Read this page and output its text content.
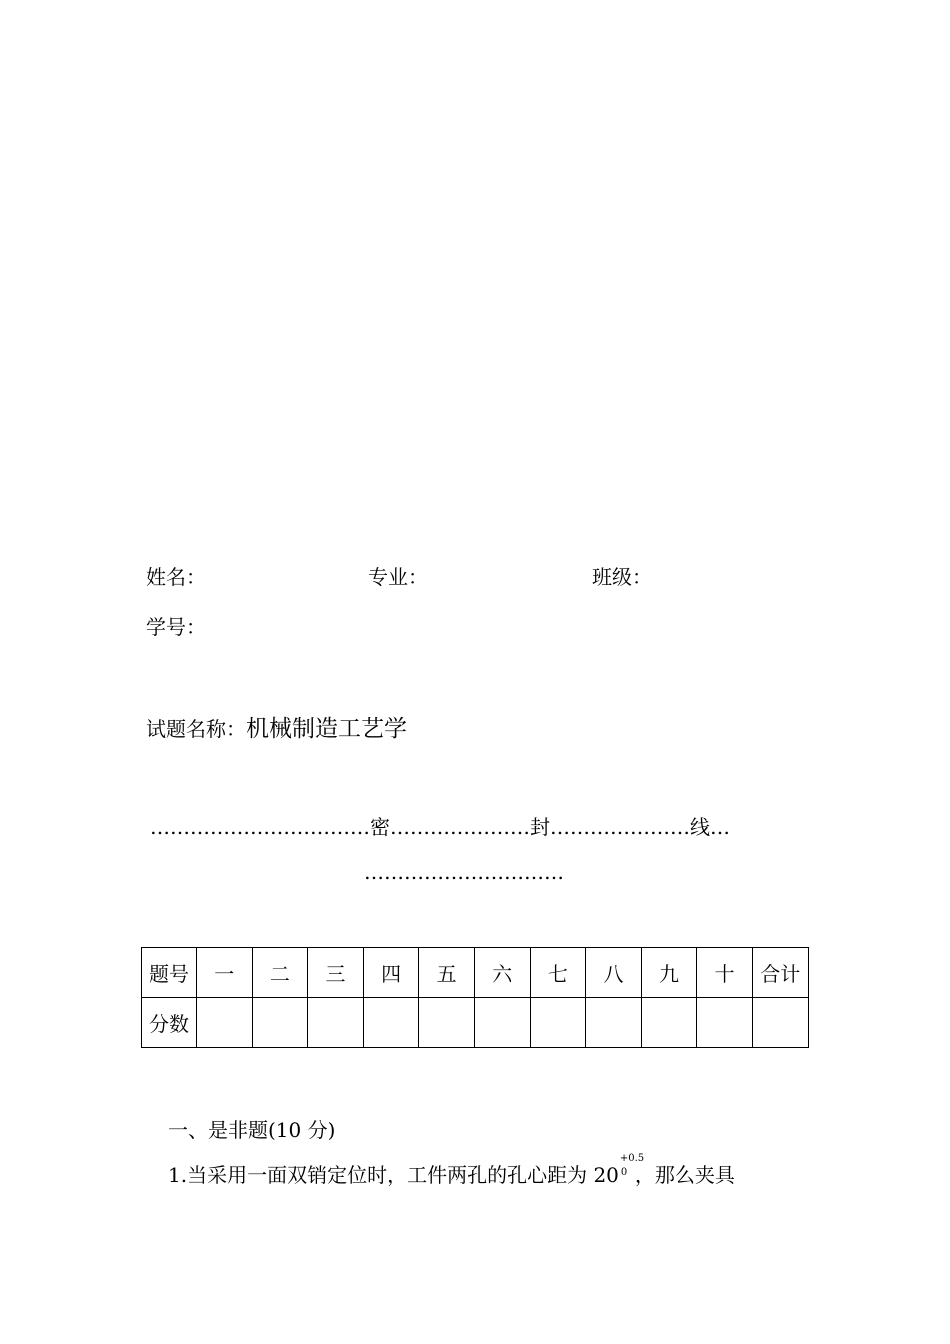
姓名：	专业：	班级：
学号：
试题名称：机械制造工艺学
……………………………密…………………封…………………线…
…………………………
题号	一	二	三	四	五	六	七	八	九	十	合计
分数											
一、是非题(10 分)
1.当采用一面双销定位时，工件两孔的孔心距为 20
+0.5
0 ，那么夹具
